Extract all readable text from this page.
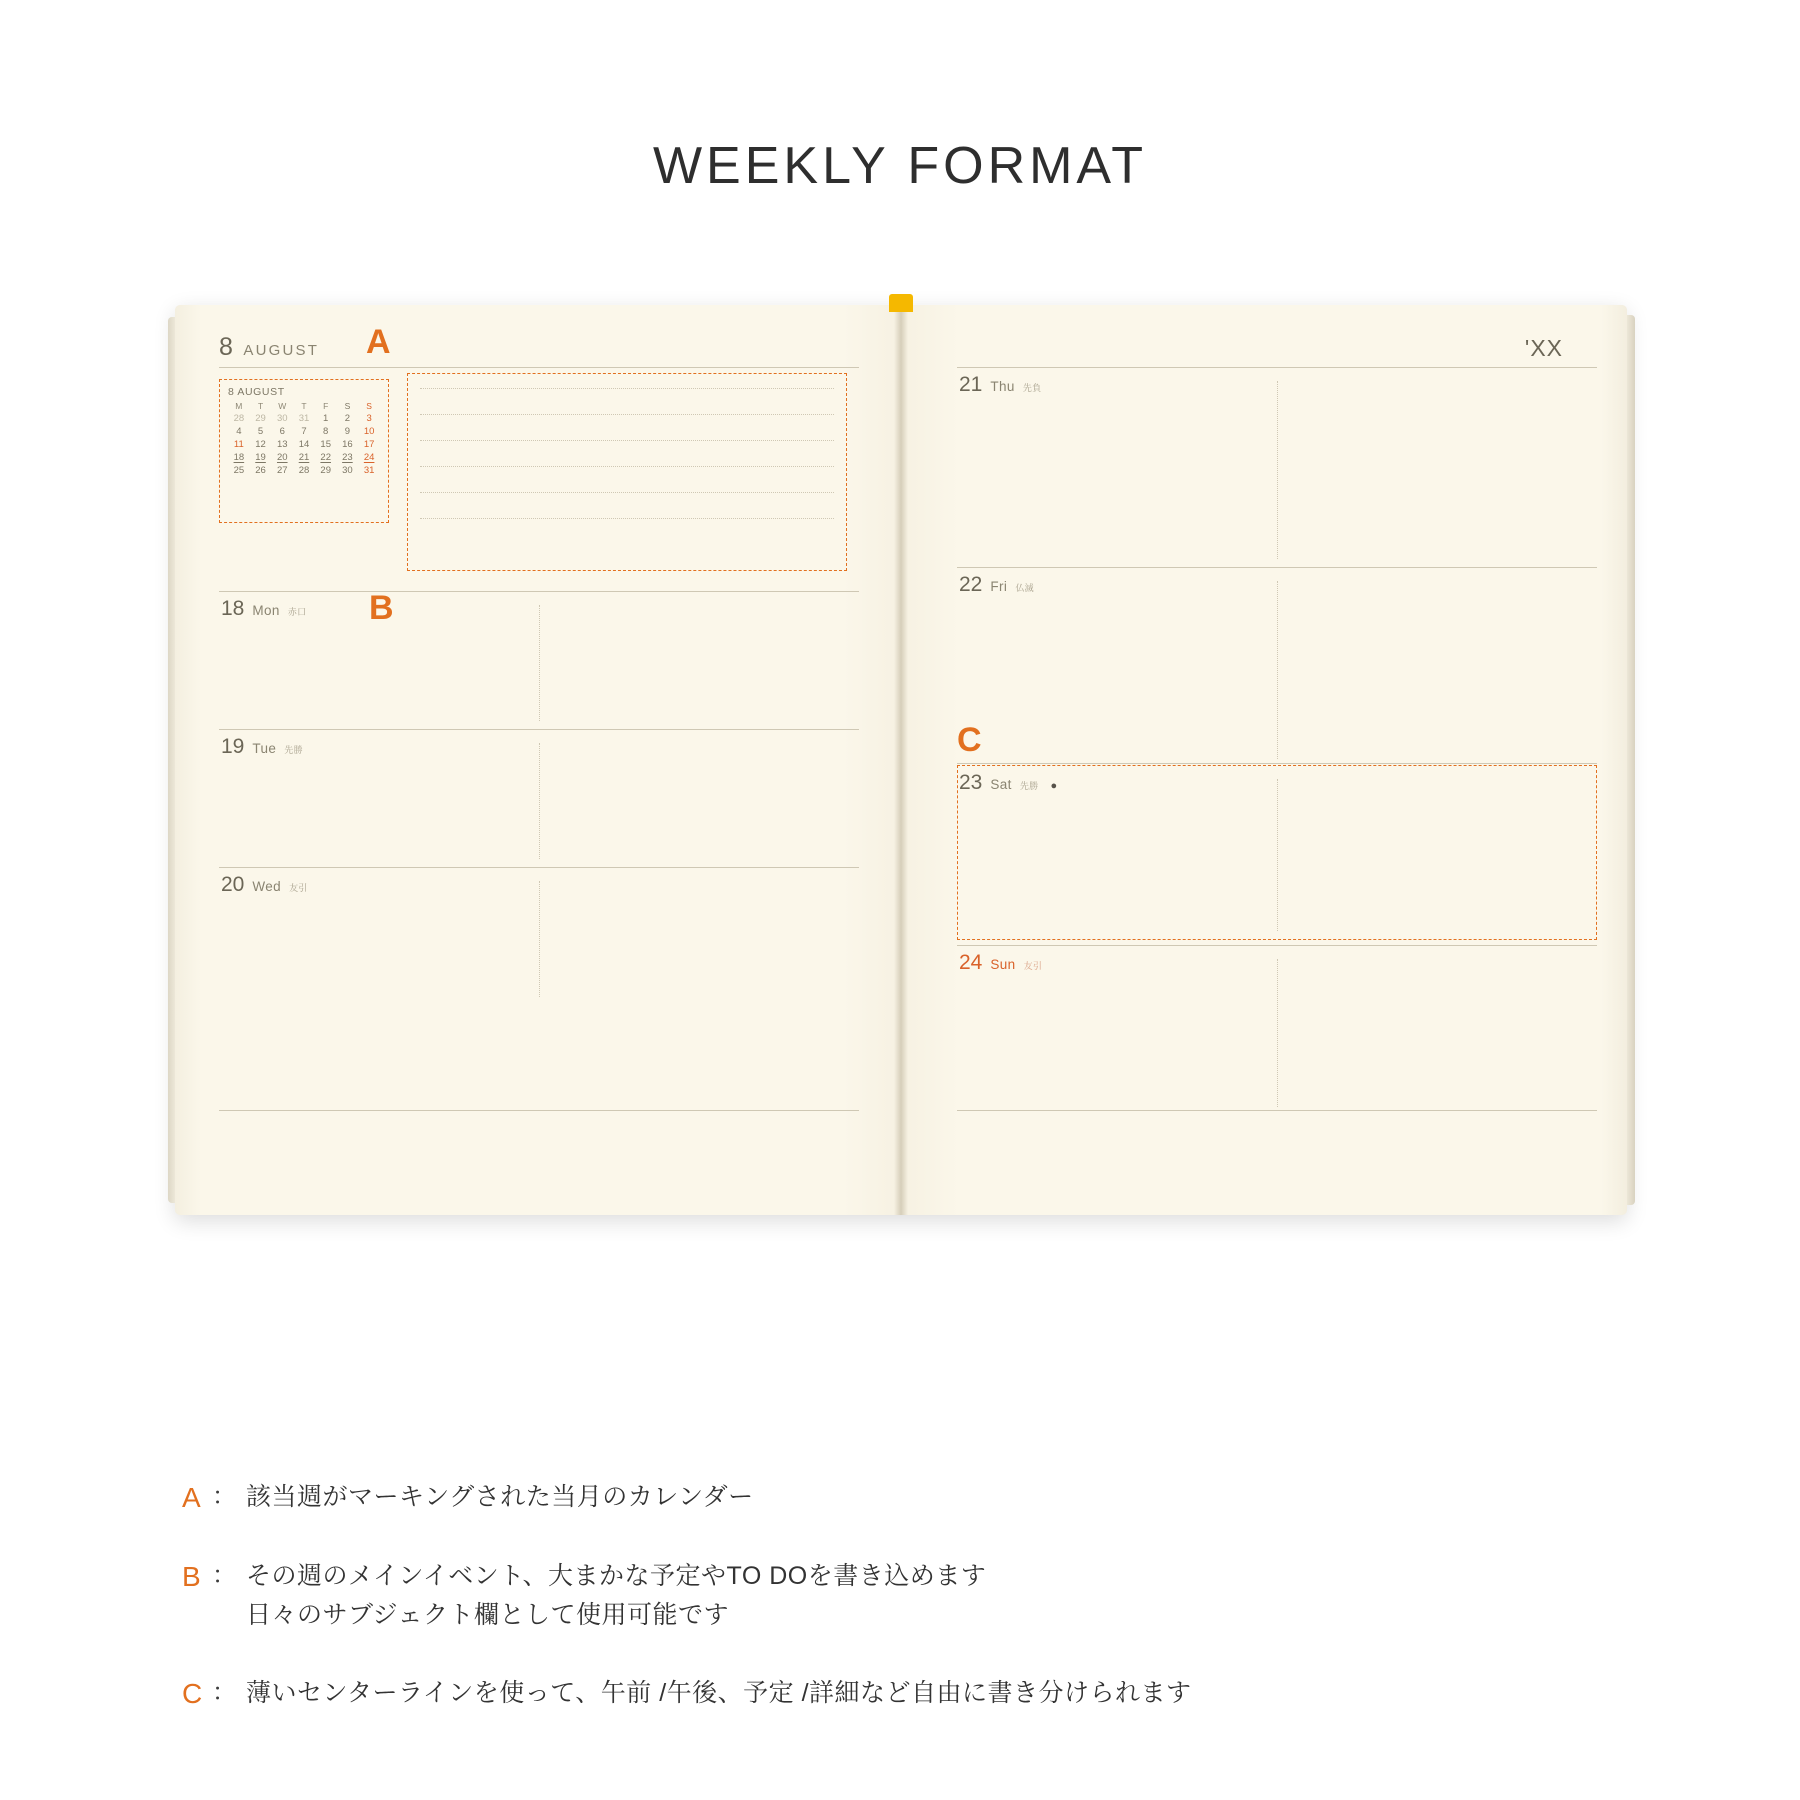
WEEKLY FORMAT
8 AUGUST A
8 AUGUST
M	T	W	T	F	S	S
28	29	30	31	1	2	3
4	5	6	7	8	9	10
11	12	13	14	15	16	17
18	19	20	21	22	23	24
25	26	27	28	29	30	31
18 Mon 赤口 B
19 Tue 先勝
20 Wed 友引
'XX
21 Thu 先負
22 Fri 仏滅
C
23 Sat 先勝 ●
24 Sun 友引
A ： 該当週がマーキングされた当月のカレンダー
B ： その週のメインイベント、大まかな予定やTO DOを書き込めます
日々のサブジェクト欄として使用可能です
C ： 薄いセンターラインを使って、午前 /午後、予定 /詳細など自由に書き分けられます
